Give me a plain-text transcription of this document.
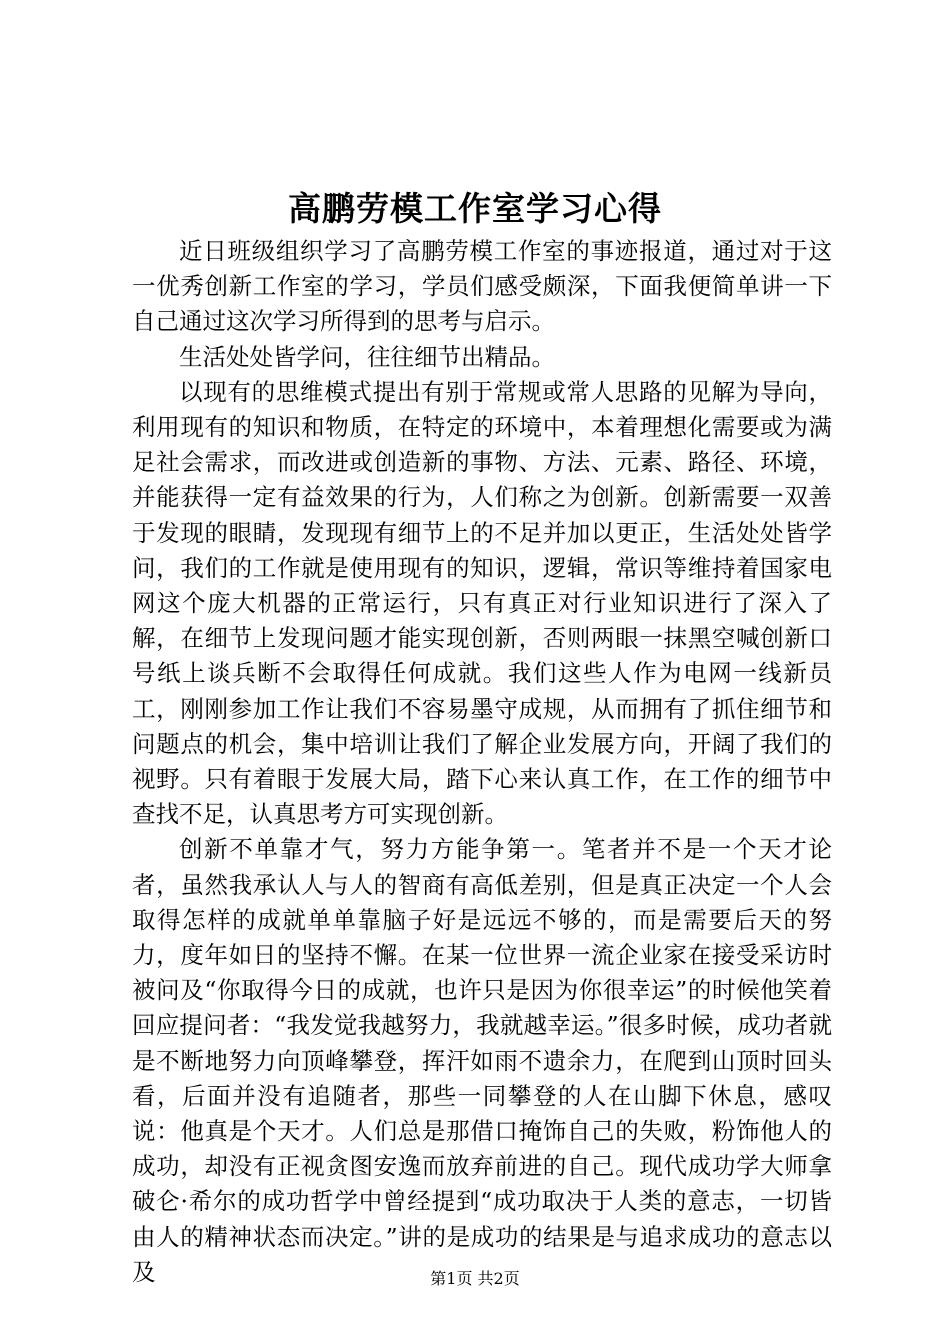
高鹏劳模工作室学习心得

近日班级组织学习了高鹏劳模工作室的事迹报道，通过对于这一优秀创新工作室的学习，学员们感受颇深，下面我便简单讲一下自己通过这次学习所得到的思考与启示。

生活处处皆学问，往往细节出精品。

以现有的思维模式提出有别于常规或常人思路的见解为导向，利用现有的知识和物质，在特定的环境中，本着理想化需要或为满足社会需求，而改进或创造新的事物、方法、元素、路径、环境，并能获得一定有益效果的行为，人们称之为创新。创新需要一双善于发现的眼睛，发现现有细节上的不足并加以更正，生活处处皆学问，我们的工作就是使用现有的知识，逻辑，常识等维持着国家电网这个庞大机器的正常运行，只有真正对行业知识进行了深入了解，在细节上发现问题才能实现创新，否则两眼一抹黑空喊创新口号纸上谈兵断不会取得任何成就。我们这些人作为电网一线新员工，刚刚参加工作让我们不容易墨守成规，从而拥有了抓住细节和问题点的机会，集中培训让我们了解企业发展方向，开阔了我们的视野。只有着眼于发展大局，踏下心来认真工作，在工作的细节中查找不足，认真思考方可实现创新。

创新不单靠才气，努力方能争第一。笔者并不是一个天才论者，虽然我承认人与人的智商有高低差别，但是真正决定一个人会取得怎样的成就单单靠脑子好是远远不够的，而是需要后天的努力，度年如日的坚持不懈。在某一位世界一流企业家在接受采访时被问及“你取得今日的成就，也许只是因为你很幸运”的时候他笑着回应提问者：“我发觉我越努力，我就越幸运。”很多时候，成功者就是不断地努力向顶峰攀登，挥汗如雨不遗余力，在爬到山顶时回头看，后面并没有追随者，那些一同攀登的人在山脚下休息，感叹说：他真是个天才。人们总是那借口掩饰自己的失败，粉饰他人的成功，却没有正视贪图安逸而放弃前进的自己。现代成功学大师拿破仑·希尔的成功哲学中曾经提到“成功取决于人类的意志，一切皆由人的精神状态而决定。”讲的是成功的结果是与追求成功的意志以及	第1页 共2页
